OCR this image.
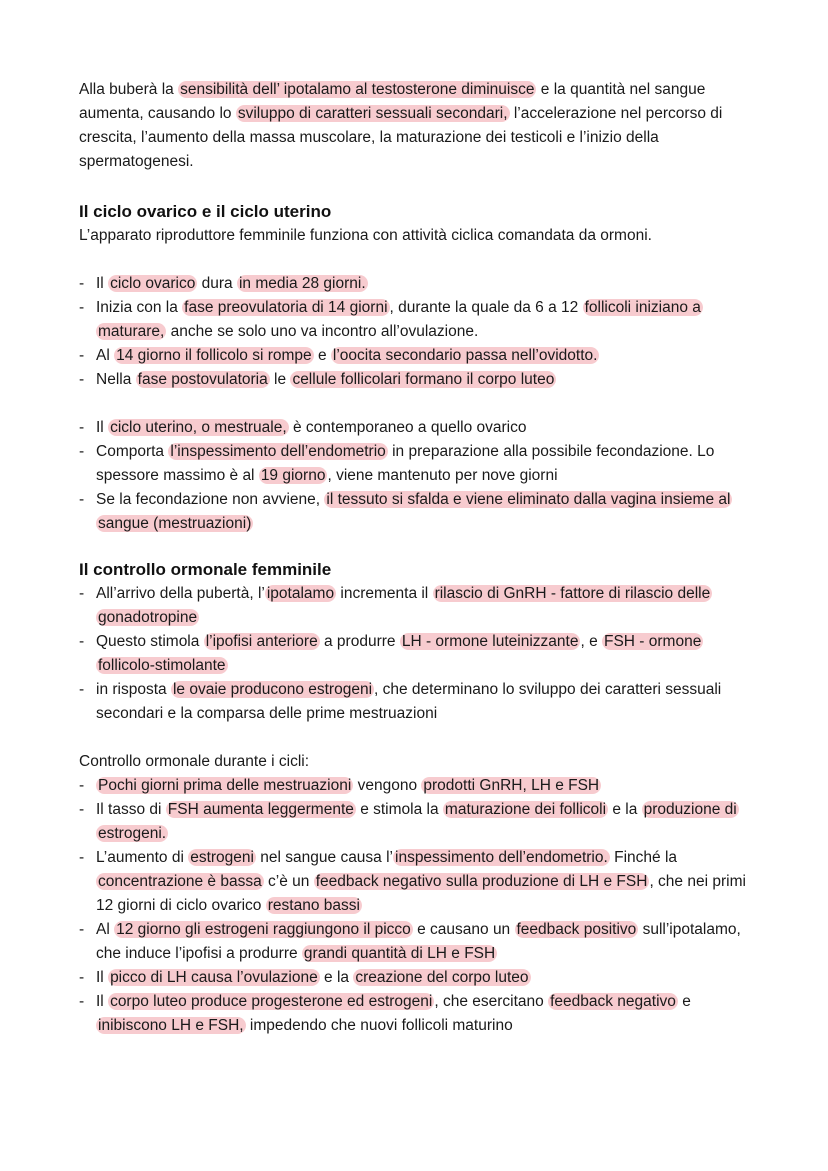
Alla buberà la sensibilità dell’ ipotalamo al testosterone diminuisce e la quantità nel sangue aumenta, causando lo sviluppo di caratteri sessuali secondari, l’accelerazione nel percorso di crescita, l’aumento della massa muscolare, la maturazione dei testicoli e l’inizio della spermatogenesi.

Il ciclo ovarico e il ciclo uterino

L’apparato riproduttore femminile funziona con attività ciclica comandata da ormoni.

- Il ciclo ovarico dura in media 28 giorni.
- Inizia con la fase preovulatoria di 14 giorni , durante la quale da 6 a 12 follicoli iniziano a maturare, anche se solo uno va incontro all’ovulazione.
- Al 14 giorno il follicolo si rompe e l’oocita secondario passa nell’ovidotto.
- Nella fase postovulatoria le cellule follicolari formano il corpo luteo
- Il ciclo uterino, o mestruale, è contemporaneo a quello ovarico
- Comporta l’inspessimento dell’endometrio in preparazione alla possibile fecondazione. Lo spessore massimo è al 19 giorno , viene mantenuto per nove giorni
- Se la fecondazione non avviene, il tessuto si sfalda e viene eliminato dalla vagina insieme al sangue (mestruazioni)
Il controllo ormonale femminile
- All’arrivo della pubertà, l’ ipotalamo incrementa il rilascio di GnRH - fattore di rilascio delle gonadotropine
- Questo stimola l’ipofisi anteriore a produrre LH - ormone luteinizzante , e FSH - ormone follicolo-stimolante
- in risposta le ovaie producono estrogeni , che determinano lo sviluppo dei caratteri sessuali secondari e la comparsa delle prime mestruazioni

Controllo ormonale durante i cicli:

- Pochi giorni prima delle mestruazioni vengono prodotti GnRH, LH e FSH
- Il tasso di FSH aumenta leggermente e stimola la maturazione dei follicoli e la produzione di estrogeni.
- L’aumento di estrogeni nel sangue causa l’ inspessimento dell’endometrio. Finché la concentrazione è bassa c’è un feedback negativo sulla produzione di LH e FSH , che nei primi 12 giorni di ciclo ovarico restano bassi
- Al 12 giorno gli estrogeni raggiungono il picco e causano un feedback positivo sull’ipotalamo, che induce l’ipofisi a produrre grandi quantità di LH e FSH
- Il picco di LH causa l’ovulazione e la creazione del corpo luteo
- Il corpo luteo produce progesterone ed estrogeni , che esercitano feedback negativo e inibiscono LH e FSH, impedendo che nuovi follicoli maturino
